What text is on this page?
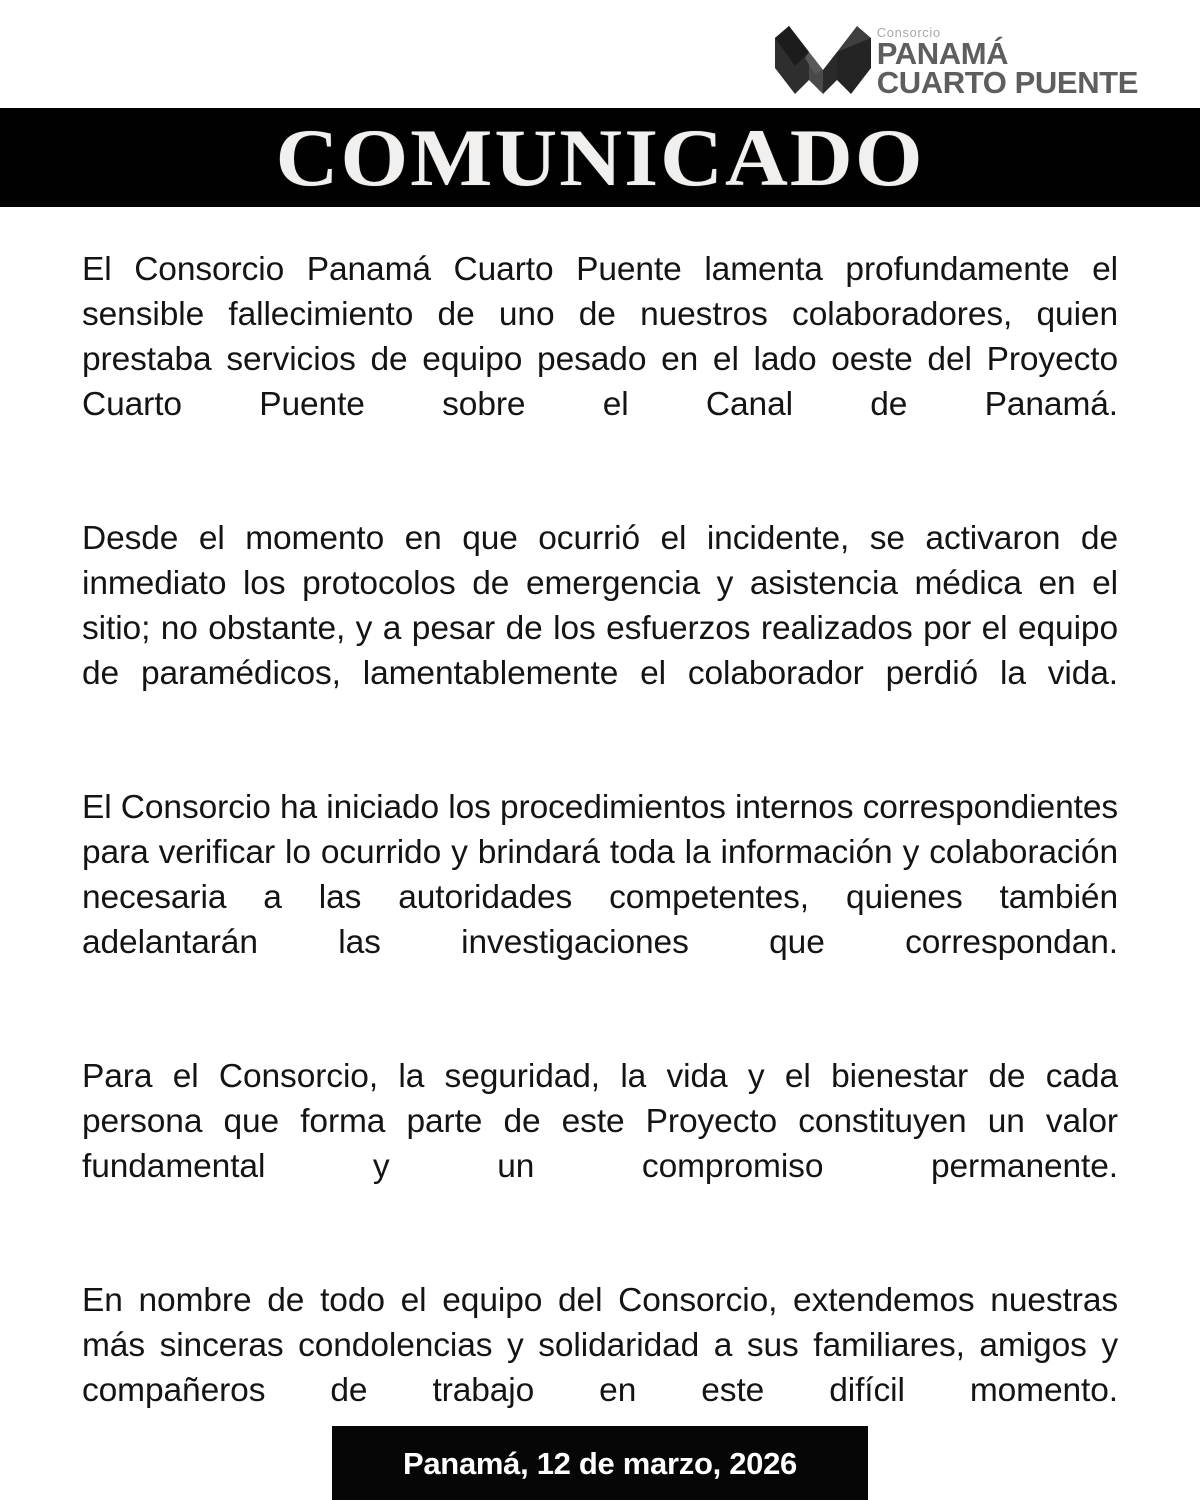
Consorcio
PANAMÁ
CUARTO PUENTE
COMUNICADO

El Consorcio Panamá Cuarto Puente lamenta profundamente el sensible fallecimiento de uno de nuestros colaboradores, quien prestaba servicios de equipo pesado en el lado oeste del Proyecto Cuarto Puente sobre el Canal de Panamá.

Desde el momento en que ocurrió el incidente, se activaron de inmediato los protocolos de emergencia y asistencia médica en el sitio; no obstante, y a pesar de los esfuerzos realizados por el equipo de paramédicos, lamentablemente el colaborador perdió la vida.

El Consorcio ha iniciado los procedimientos internos correspondientes para verificar lo ocurrido y brindará toda la información y colaboración necesaria a las autoridades competentes, quienes también adelantarán las investigaciones que correspondan.

Para el Consorcio, la seguridad, la vida y el bienestar de cada persona que forma parte de este Proyecto constituyen un valor fundamental y un compromiso permanente.

En nombre de todo el equipo del Consorcio, extendemos nuestras más sinceras condolencias y solidaridad a sus familiares, amigos y compañeros de trabajo en este difícil momento.

Panamá, 12 de marzo, 2026
